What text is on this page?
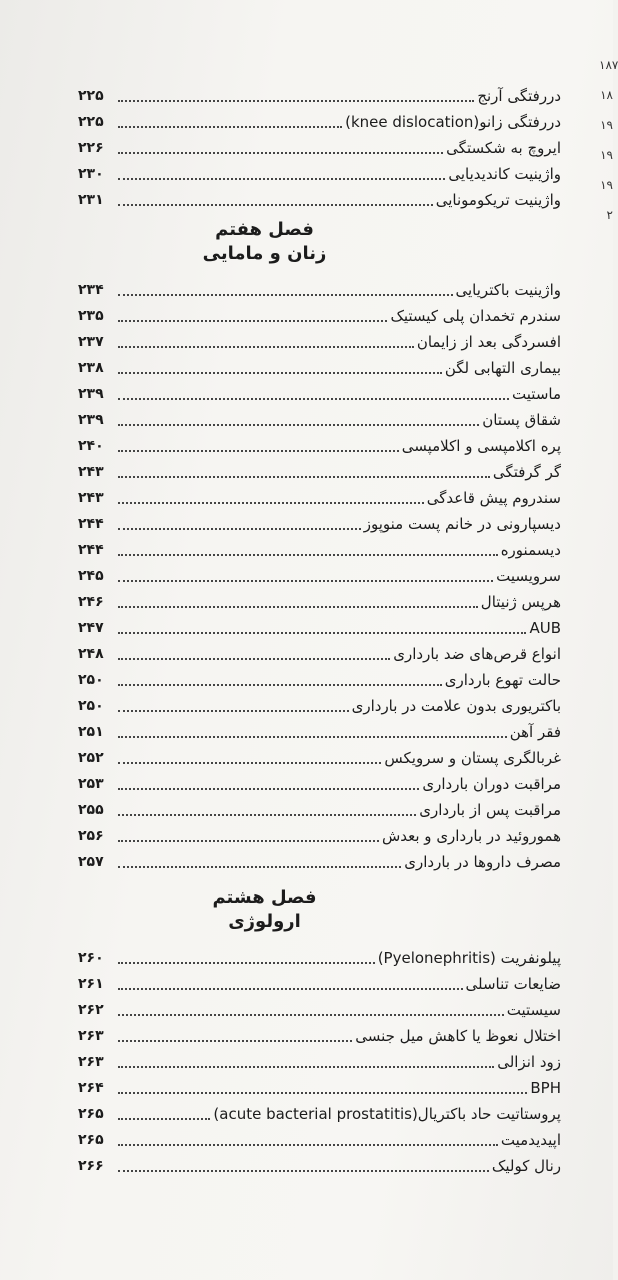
۱۸۷
۱۸
۱۹
۱۹
۱۹
۲
دررفتگی آرنج
۲۲۵
دررفتگی زانو(knee dislocation)
۲۲۵
ایرو‌چ به شکستگی
۲۲۶
واژینیت کاندیدیایی
۲۳۰
واژینیت تریکومونایی
۲۳۱
فصل هفتم
زنان و مامایی
واژینیت باکتریایی
۲۳۴
سندرم تخمدان پلی کیستیک
۲۳۵
افسردگی بعد از زایمان
۲۳۷
بیماری التهابی لگن
۲۳۸
ماستیت
۲۳۹
شقاق پستان
۲۳۹
پره اکلامپسی و اکلامپسی
۲۴۰
گر گرفتگی
۲۴۳
سندروم پیش قاعدگی
۲۴۳
دیسپارونی در خانم پست منوپوز
۲۴۴
دیسمنوره
۲۴۴
سرویسیت
۲۴۵
هرپس ژنیتال
۲۴۶
AUB
۲۴۷
انواع قرص‌های ضد بارداری
۲۴۸
حالت تهوع بارداری
۲۵۰
باکتریوری بدون علامت در بارداری
۲۵۰
فقر آهن
۲۵۱
غربالگری پستان و سرویکس
۲۵۲
مراقبت دوران بارداری
۲۵۳
مراقبت پس از بارداری
۲۵۵
هموروئید در بارداری و بعدش
۲۵۶
مصرف داروها در بارداری
۲۵۷
فصل هشتم
ارولوژی
پیلونفریت (Pyelonephritis)
۲۶۰
ضایعات تناسلی
۲۶۱
سیستیت
۲۶۲
اختلال نعوظ یا کاهش میل جنسی
۲۶۳
زود انزالی
۲۶۳
BPH
۲۶۴
پروستاتیت حاد باکتریال(acute bacterial prostatitis)
۲۶۵
اپیدیدمیت
۲۶۵
رنال کولیک
۲۶۶
